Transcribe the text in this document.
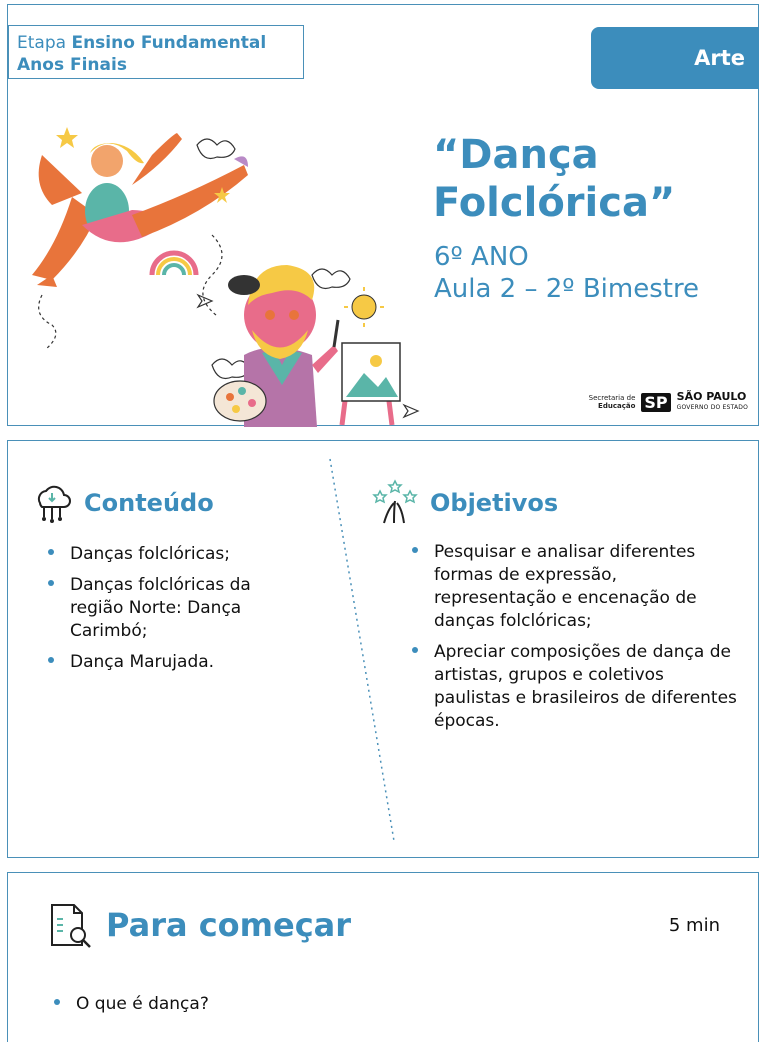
Etapa Ensino Fundamental Anos Finais	Arte
“Dança
Folclórica”
6º ANO
Aula 2 – 2º Bimestre
Secretaria de
Educação SP SÃO PAULO
GOVERNO DO ESTADO
Conteúdo
Danças folclóricas;
Danças folclóricas da região Norte: Dança Carimbó;
Dança Marujada.
Objetivos
Pesquisar e analisar diferentes formas de expressão, representação e encenação de danças folclóricas;
Apreciar composições de dança de artistas, grupos e coletivos paulistas e brasileiros de diferentes épocas.
Para começar	5 min
O que é dança?
